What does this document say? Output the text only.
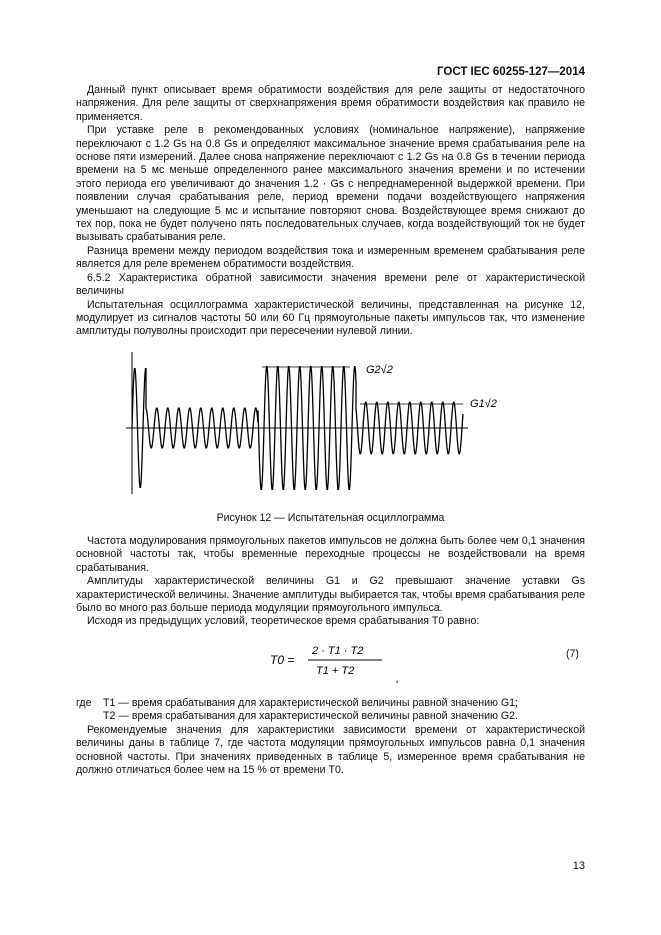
ГОСТ IEC 60255-127—2014

Данный пункт описывает время обратимости воздействия для реле защиты от недостаточного напряжения. Для реле защиты от сверхнапряжения время обратимости воздействия как правило не применяется.

При уставке реле в рекомендованных условиях (номинальное напряжение), напряжение переключают с 1.2 Gs на 0.8 Gs и определяют максимальное значение время срабатывания реле на основе пяти измерений. Далее снова напряжение переключают с 1.2 Gs на 0.8 Gs в течении периода времени на 5 мс меньше определенного ранее максимального значения времени и по истечении этого периода его увеличивают до значения 1.2 · Gs с непреднамеренной выдержкой времени. При появлении случая срабатывания реле, период времени подачи воздействующего напряжения уменьшают на следующие 5 мс и испытание повторяют снова. Воздействующее время снижают до тех пор, пока не будет получено пять последовательных случаев, когда воздействующий ток не будет вызывать срабатывания реле.

Разница времени между периодом воздействия тока и измеренным временем срабатывания реле является для реле временем обратимости воздействия.

6.5.2 Характеристика обратной зависимости значения времени реле от характеристической величины

Испытательная осциллограмма характеристической величины, представленная на рисунке 12, модулирует из сигналов частоты 50 или 60 Гц прямоугольные пакеты импульсов так, что изменение амплитуды полуволны происходит при пересечении нулевой линии.

G2√2
G1√2
Рисунок 12 — Испытательная осциллограмма

Частота модулирования прямоугольных пакетов импульсов не должна быть более чем 0,1 значения основной частоты так, чтобы временные переходные процессы не воздействовали на время срабатывания.

Амплитуды характеристической величины G1 и G2 превышают значение уставки Gs характеристической величины. Значение амплитуды выбирается так, чтобы время срабатывания реле было во много раз больше периода модуляции прямоугольного импульса.

Исходя из предыдущих условий, теоретическое время срабатывания T0 равно:

T0 =
2 · T1 · T2
T1 + T2
,
(7)
где	T1 — время срабатывания для характеристической величины равной значению G1;
T2 — время срабатывания для характеристической величины равной значению G2.

Рекомендуемые значения для характеристики зависимости времени от характеристической величины даны в таблице 7, где частота модуляции прямоугольных импульсов равна 0,1 значения основной частоты. При значениях приведенных в таблице 5, измеренное время срабатывания не должно отличаться более чем на 15 % от времени T0.

13
